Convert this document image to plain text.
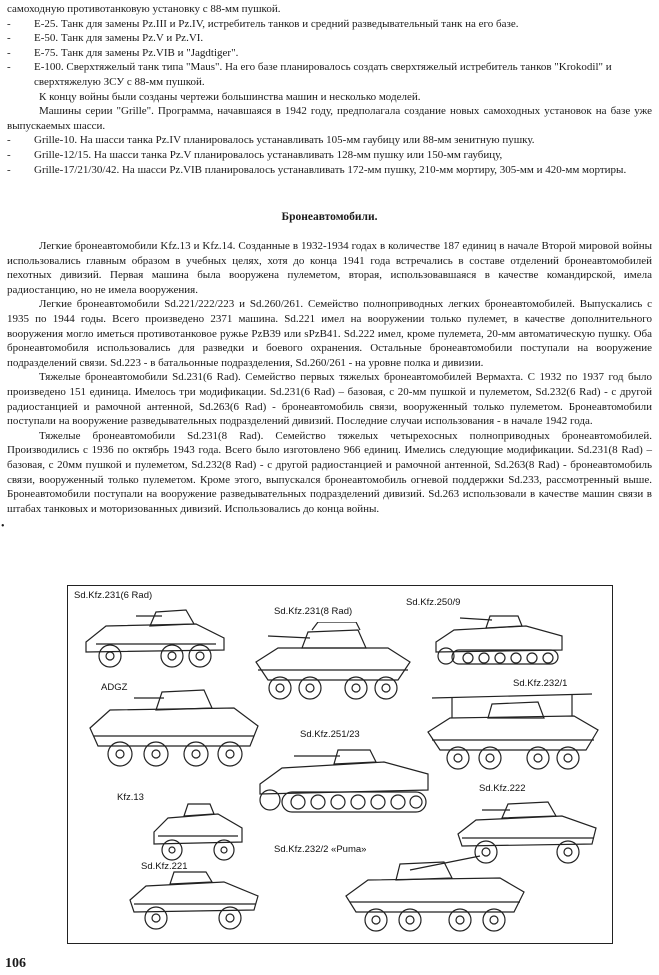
самоходную противотанковую установку с 88-мм пушкой.
-	Е-25. Танк для замены Pz.III и Pz.IV, истребитель танков и средний разведывательный танк на его базе.
-	Е-50. Танк для замены Pz.V и Pz.VI.
-	Е-75. Танк для замены Pz.VIB и "Jagdtiger".
-	Е-100. Сверхтяжелый танк типа "Maus". На его базе планировалось создать сверхтяжелый истребитель танков "Krokodil" и сверхтяжелую ЗСУ с 88-мм пушкой.
К концу войны были созданы чертежи большинства машин и несколько моделей.
Машины серии "Grille". Программа, начавшаяся в 1942 году, предполагала создание новых самоходных установок на базе уже выпускаемых шасси.
-	Grille-10. На шасси танка Pz.IV планировалось устанавливать 105-мм гаубицу или 88-мм зенитную пушку.
-	Grille-12/15. На шасси танка Pz.V планировалось устанавливать 128-мм пушку или 150-мм гаубицу,
-	Grille-17/21/30/42. На шасси Pz.VIB планировалось устанавливать 172-мм пушку, 210-мм мортиру, 305-мм и 420-мм мортиры.
Бронеавтомобили.

Легкие бронеавтомобили Kfz.13 и Kfz.14. Созданные в 1932-1934 годах в количестве 187 единиц в начале Второй мировой войны использовались главным образом в учебных целях, хотя до конца 1941 года встречались в составе отделений бронеавтомобилей пехотных дивизий. Первая машина была вооружена пулеметом, вторая, использовавшаяся в качестве командирской, имела радиостанцию, но не имела вооружения.

Легкие бронеавтомобили Sd.221/222/223 и Sd.260/261. Семейство полноприводных легких бронеавтомобилей. Выпускались с 1935 по 1944 годы. Всего произведено 2371 машина. Sd.221 имел на вооружении только пулемет, в качестве дополнительного вооружения могло иметься противотанковое ружье PzB39 или sPzB41. Sd.222 имел, кроме пулемета, 20-мм автоматическую пушку. Оба бронеавтомобиля использовались для разведки и боевого охранения. Остальные бронеавтомобили поступали на вооружение подразделений связи. Sd.223 - в батальонные подразделения, Sd.260/261 - на уровне полка и дивизии.

Тяжелые бронеавтомобили Sd.231(6 Rad). Семейство первых тяжелых бронеавтомобилей Вермахта. С 1932 по 1937 год было произведено 151 единица. Имелось три модификации. Sd.231(6 Rad) – базовая, с 20-мм пушкой и пулеметом, Sd.232(6 Rad) - с другой радиостанцией и рамочной антенной, Sd.263(6 Rad) - бронеавтомобиль связи, вооруженный только пулеметом. Бронеавтомобили поступали на вооружение разведывательных подразделений дивизий. Последние случаи использования - в начале 1942 года.

Тяжелые бронеавтомобили Sd.231(8 Rad). Семейство тяжелых четырехосных полноприводных бронеавтомобилей. Производились с 1936 по октябрь 1943 года. Всего было изготовлено 966 единиц. Имелись следующие модификации. Sd.231(8 Rad) – базовая, с 20мм пушкой и пулеметом, Sd.232(8 Rad) - с другой радиостанцией и рамочной антенной, Sd.263(8 Rad) - бронеавтомобиль связи, вооруженный только пулеметом. Кроме этого, выпускался бронеавтомобиль огневой поддержки Sd.233, рассмотренный выше. Бронеавтомобили поступали на вооружение разведывательных подразделений дивизий. Sd.263 использовали в качестве машин связи в штабах танковых и моторизованных дивизий. Использовались до конца войны.

•
Sd.Kfz.231(6 Rad)
Sd.Kfz.231(8 Rad)
Sd.Kfz.250/9
ADGZ	Sd.Kfz.232/1
Sd.Kfz.251/23
Kfz.13
Sd.Kfz.222
Sd.Kfz.232/2 «Puma»
Sd.Kfz.221
106
